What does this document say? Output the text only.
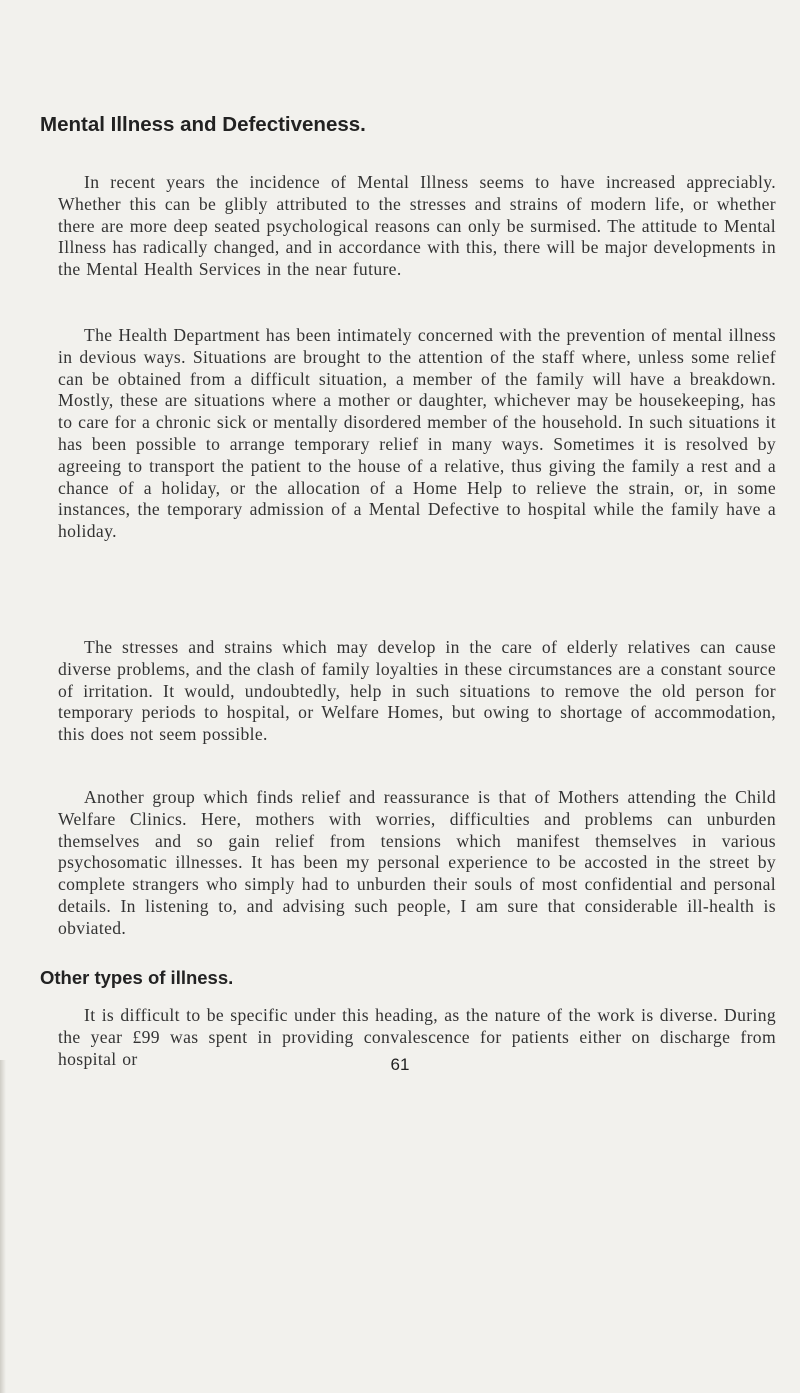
Mental Illness and Defectiveness.

In recent years the incidence of Mental Illness seems to have increased appreciably. Whether this can be glibly attributed to the stresses and strains of modern life, or whether there are more deep seated psychological reasons can only be surmised. The attitude to Mental Illness has radically changed, and in accordance with this, there will be major developments in the Mental Health Services in the near future.

The Health Department has been intimately concerned with the prevention of mental illness in devious ways. Situations are brought to the attention of the staff where, unless some relief can be obtained from a difficult situation, a member of the family will have a breakdown. Mostly, these are situations where a mother or daughter, whichever may be housekeeping, has to care for a chronic sick or mentally disordered member of the household. In such situations it has been possible to arrange temporary relief in many ways. Sometimes it is resolved by agreeing to transport the patient to the house of a relative, thus giving the family a rest and a chance of a holiday, or the allocation of a Home Help to relieve the strain, or, in some instances, the temporary admission of a Mental Defective to hospital while the family have a holiday.

The stresses and strains which may develop in the care of elderly relatives can cause diverse problems, and the clash of family loyalties in these circumstances are a constant source of irritation. It would, undoubtedly, help in such situations to remove the old person for temporary periods to hospital, or Welfare Homes, but owing to shortage of accommodation, this does not seem possible.

Another group which finds relief and reassurance is that of Mothers attending the Child Welfare Clinics. Here, mothers with worries, difficulties and problems can unburden themselves and so gain relief from tensions which manifest themselves in various psychosomatic illnesses. It has been my personal experience to be accosted in the street by complete strangers who simply had to unburden their souls of most confidential and personal details. In listening to, and advising such people, I am sure that considerable ill-health is obviated.

Other types of illness.

It is difficult to be specific under this heading, as the nature of the work is diverse. During the year £99 was spent in providing convalescence for patients either on discharge from hospital or	61
